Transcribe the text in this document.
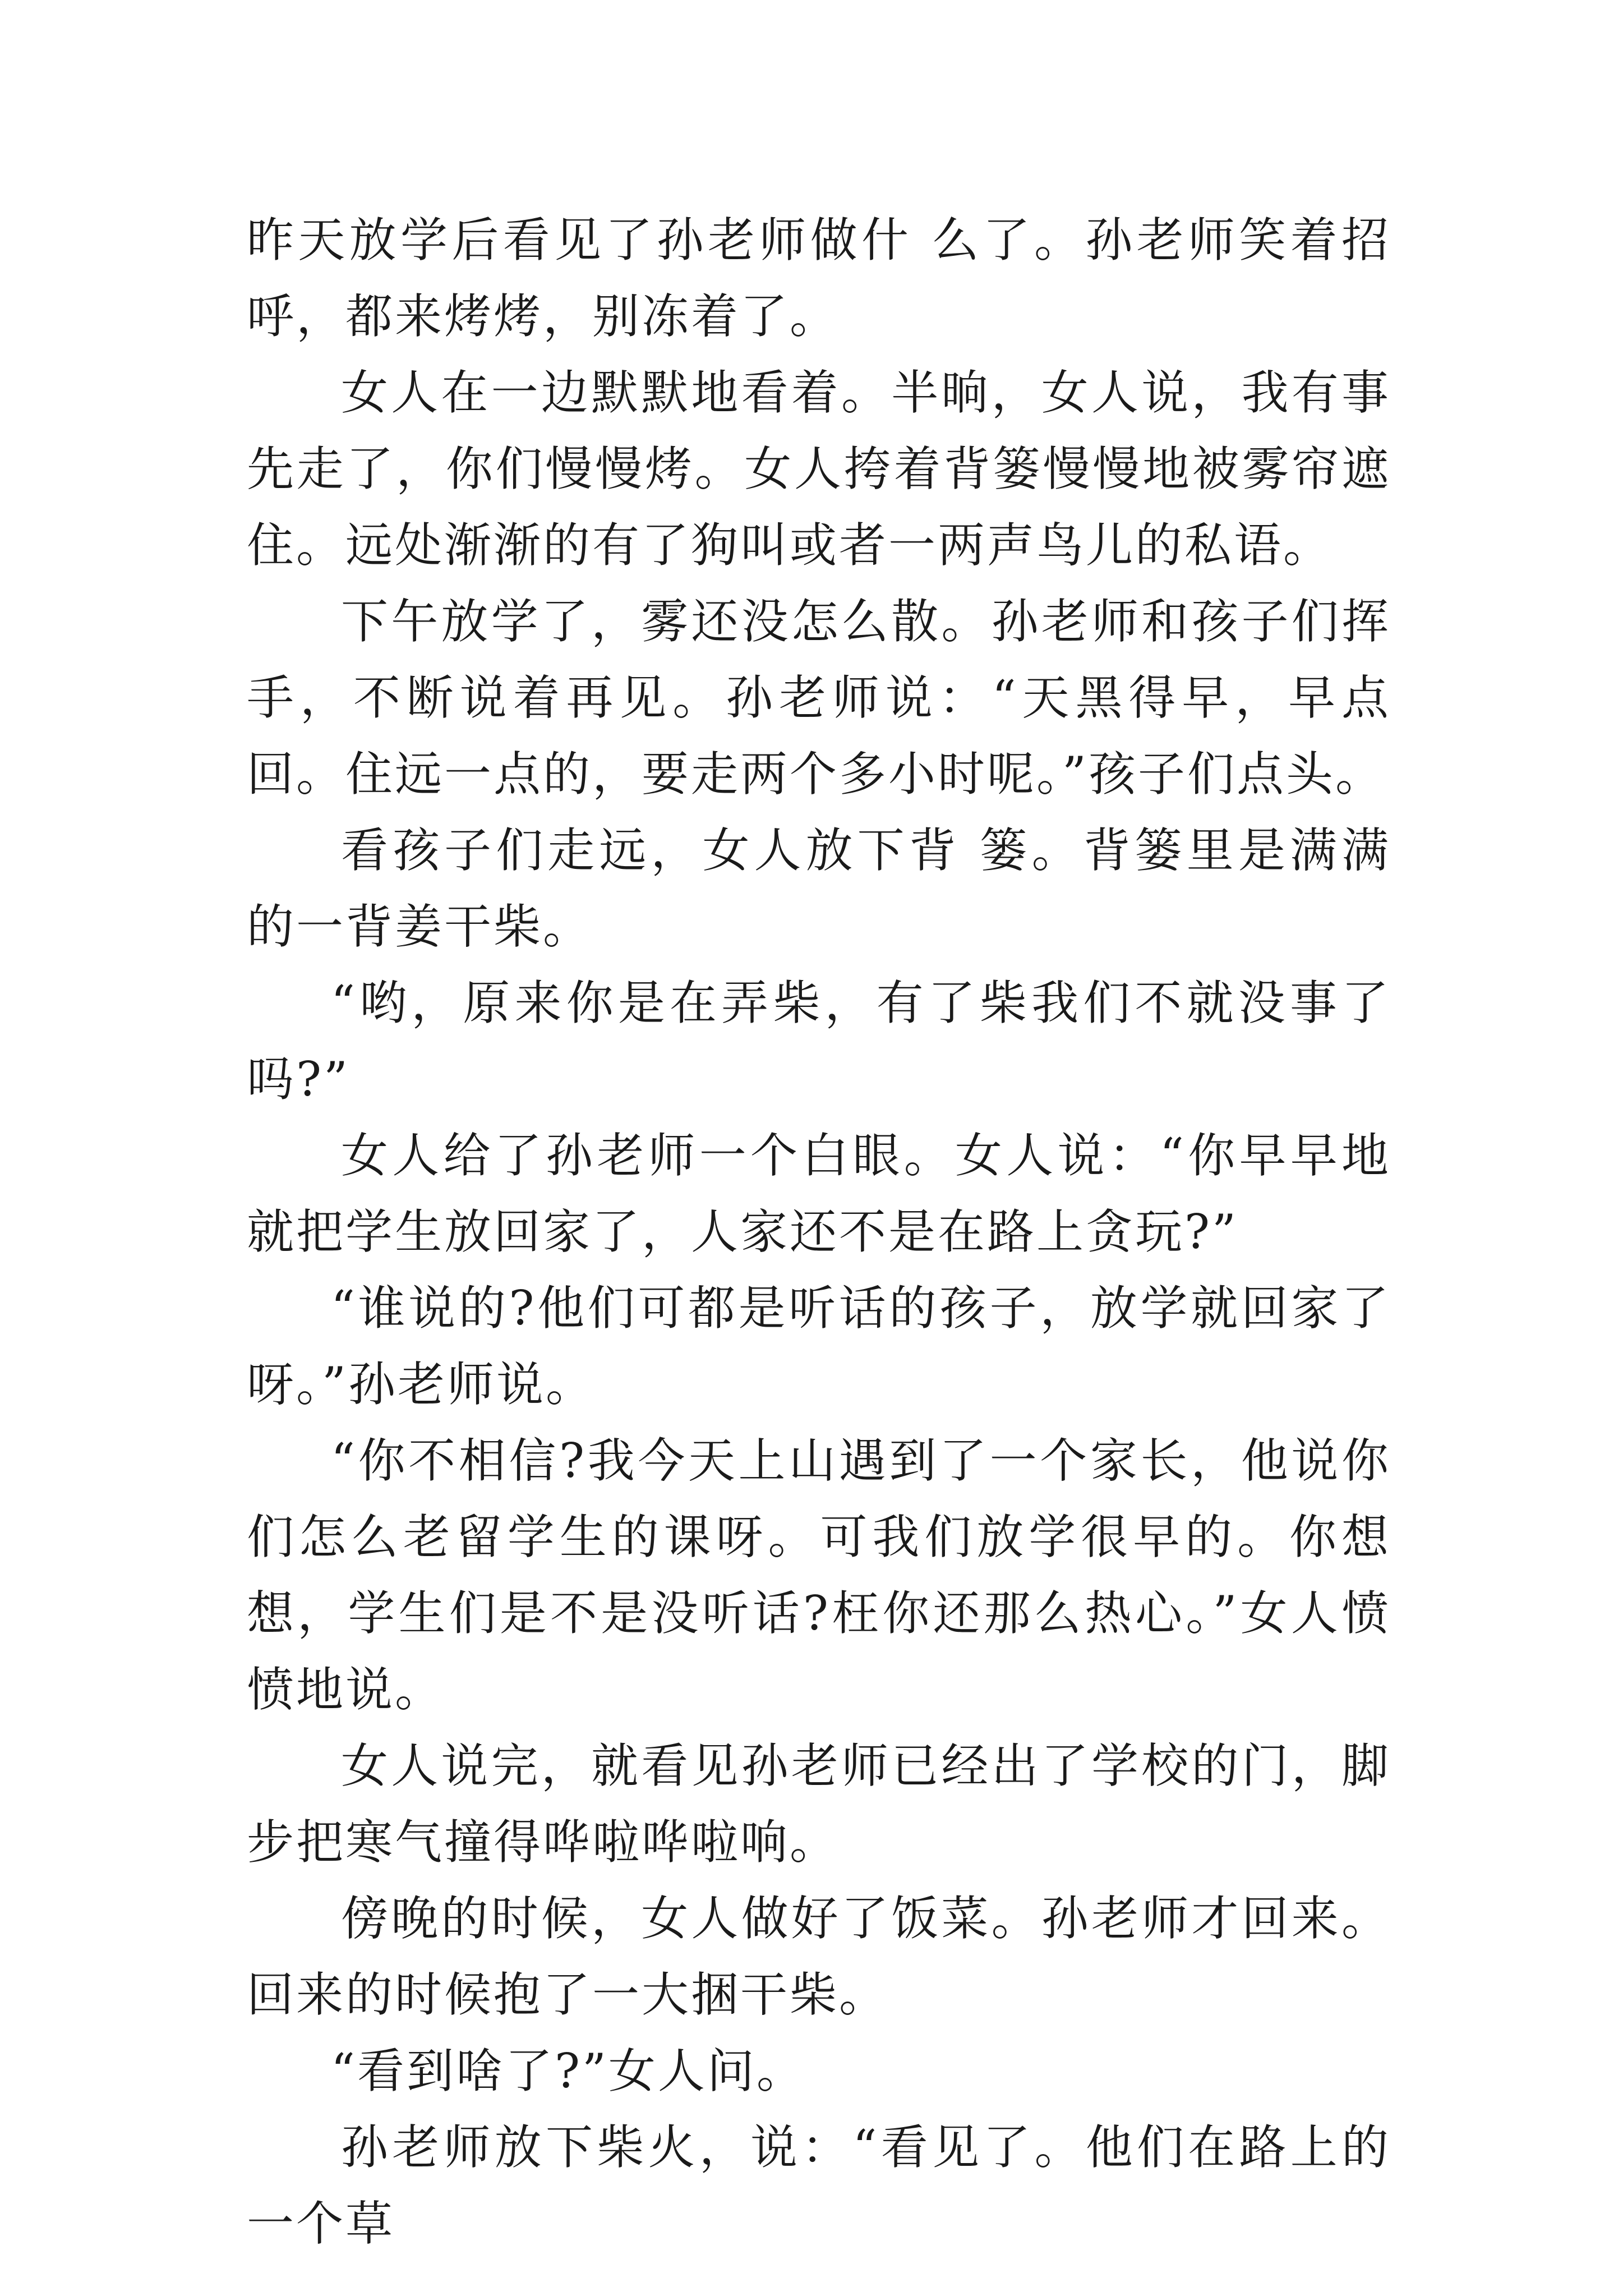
昨天放学后看见了孙老师做什 么了。孙老师笑着招呼，都来烤烤，别冻着了。

女人在一边默默地看着。半晌，女人说，我有事先走了，你们慢慢烤。女人挎着背篓慢慢地被雾帘遮住。远处渐渐的有了狗叫或者一两声鸟儿的私语。

下午放学了，雾还没怎么散。孙老师和孩子们挥手，不断说着再见。孙老师说：“天黑得早，早点回。住远一点的，要走两个多小时呢。”孩子们点头。

看孩子们走远，女人放下背 篓。背篓里是满满的一背姜干柴。

“哟，原来你是在弄柴，有了柴我们不就没事了吗?”

女人给了孙老师一个白眼。女人说：“你早早地就把学生放回家了，人家还不是在路上贪玩?”

“谁说的?他们可都是听话的孩子，放学就回家了呀。”孙老师说。

“你不相信?我今天上山遇到了一个家长，他说你们怎么老留学生的课呀。可我们放学很早的。你想想，学生们是不是没听话?枉你还那么热心。”女人愤愤地说。

女人说完，就看见孙老师已经出了学校的门，脚步把寒气撞得哗啦哗啦响。

傍晚的时候，女人做好了饭菜。孙老师才回来。回来的时候抱了一大捆干柴。

“看到啥了?”女人问。

孙老师放下柴火，说：“看见了。他们在路上的一个草
